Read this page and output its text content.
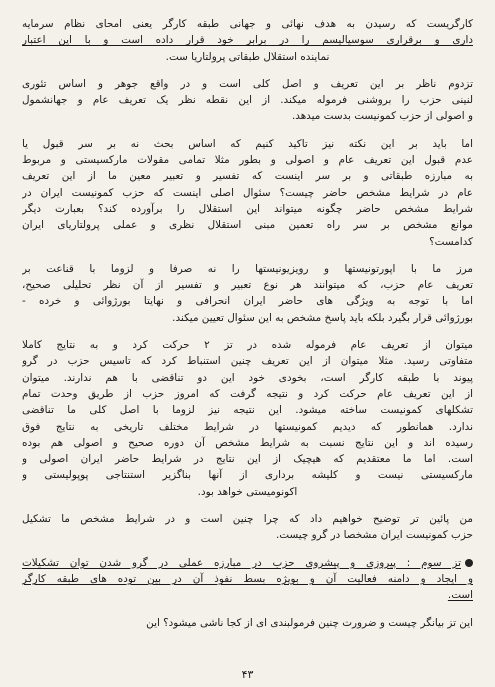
کارگریست که رسیدن به هدف نهائی و جهانی طبقه کارگر یعنی امحای نظام سرمایه
داری و برقراری سوسیالیسم را در برابر خود قرار داده است و با این اعتبار
نماینده استقلال طبقاتی پرولتاریا ست.
تزدوم ناظر بر این تعریف و اصل کلی است و در واقع جوهر و اساس تئوری
لنینی حزب را بروشنی فرموله میکند. از این نقطه نظر یک تعریف عام و جهانشمول
و اصولی از حزب کمونیست بدست میدهد.
اما باید بر این نکته نیز تاکید کنیم که اساس بحث نه بر سر قبول یا
عدم قبول این تعریف عام و اصولی و بطور مثلا تمامی مقولات مارکسیستی و مربوط
به مبارزه طبقاتی و بر سر اینست که تفسیر و تعبیر معین ما از این تعریف
عام در شرایط مشخص حاضر چیست؟ سئوال اصلی اینست که حزب کمونیست ایران در
شرایط مشخص حاضر چگونه میتواند این استقلال را برآورده کند؟ بعبارت دیگر
موانع مشخص بر سر راه تعمین مبنی استقلال نظری و عملی پرولتاریای ایران
کدامست؟
مرز ما با اپورتونیستها و رویزیونیستها را نه صرفا و لزوما با قناعت بر
تعریف عام حزب، که میتوانند هر نوع تعبیر و تفسیر از آن نظر تحلیلی صحیح،
اما با توجه به ویژگی های حاضر ایران انحرافی و نهایتا بورژوائی و خرده -
بورژوائی قرار بگیرد بلکه باید پاسخ مشخص به این سئوال تعیین میکند.
میتوان از تعریف عام فرموله شده در تز ۲ حرکت کرد و به نتایج کاملا
متفاوتی رسید. مثلا میتوان از این تعریف چنین استنباط کرد که تاسیس حزب در گرو
پیوند با طبقه کارگر است، بخودی خود این دو تناقضی با هم ندارند. میتوان
از این تعریف عام حرکت کرد و نتیجه گرفت که امروز حزب از طریق وحدت تمام
تشکلهای کمونیست ساخته میشود. این نتیجه نیز لزوما با اصل کلی ما تناقضی
ندارد. همانطور که دیدیم کمونیستها در شرایط مختلف تاریخی به نتایج فوق
رسیده اند و این نتایج نسبت به شرایط مشخص آن دوره صحیح و اصولی هم بوده
است. اما ما معتقدیم که هیچیک از این نتایج در شرایط حاضر ایران اصولی و
مارکسیستی نیست و کلیشه برداری از آنها بناگزیر استنتاجی پوپولیستی و
اکونومیستی خواهد بود.
من پائین تر توضیح خواهیم داد که چرا چنین است و در شرایط مشخص ما تشکیل
حزب کمونیست ایران مشخصا در گرو چیست.
تز سوم : پیروزی و پیشروی حزب در مبارزه عملی در گرو شدن توان تشکیلات
و ایجاد و دامنه فعالیت آن و بویژه بسط نفوذ آن در بین توده های طبقه کارگر
است.
این تز بیانگر چیست و ضرورت چنین فرمولبندی ای از کجا ناشی میشود؟ این
۴۳
